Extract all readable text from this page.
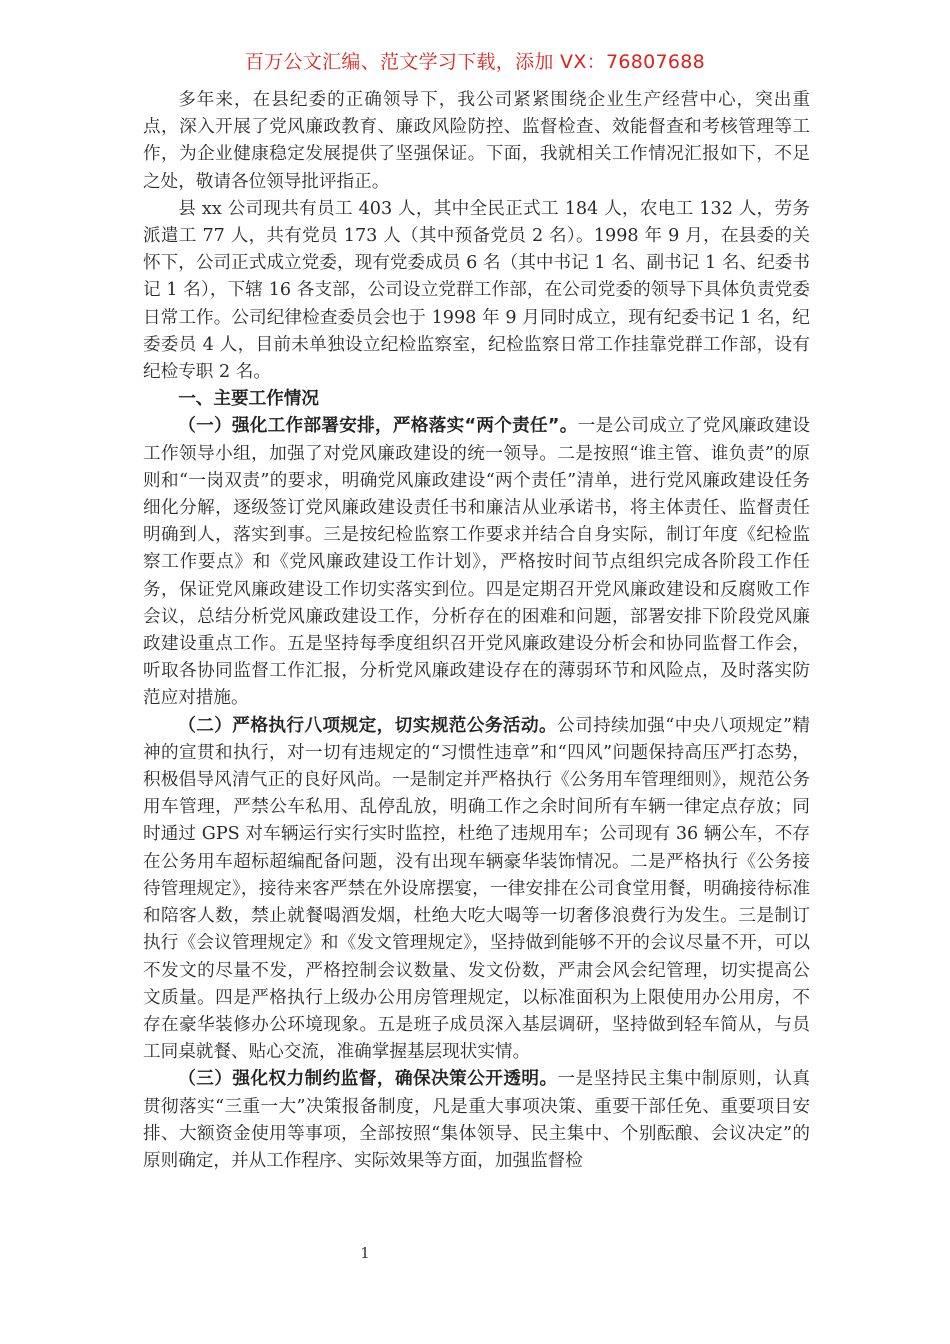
百万公文汇编、范文学习下载，添加 VX：76807688

多年来，在县纪委的正确领导下，我公司紧紧围绕企业生产经营中心，突出重点，深入开展了党风廉政教育、廉政风险防控、监督检查、效能督查和考核管理等工作，为企业健康稳定发展提供了坚强保证。下面，我就相关工作情况汇报如下，不足之处，敬请各位领导批评指正。

县 xx 公司现共有员工 403 人，其中全民正式工 184 人，农电工 132 人，劳务派遣工 77 人，共有党员 173 人（其中预备党员 2 名）。1998 年 9 月，在县委的关怀下，公司正式成立党委，现有党委成员 6 名（其中书记 1 名、副书记 1 名、纪委书记 1 名），下辖 16 各支部，公司设立党群工作部，在公司党委的领导下具体负责党委日常工作。公司纪律检查委员会也于 1998 年 9 月同时成立，现有纪委书记 1 名，纪委委员 4 人，目前未单独设立纪检监察室，纪检监察日常工作挂靠党群工作部，设有纪检专职 2 名。

一、主要工作情况

（一）强化工作部署安排，严格落实“两个责任”。一是公司成立了党风廉政建设工作领导小组，加强了对党风廉政建设的统一领导。二是按照“谁主管、谁负责”的原则和“一岗双责”的要求，明确党风廉政建设“两个责任”清单，进行党风廉政建设任务细化分解，逐级签订党风廉政建设责任书和廉洁从业承诺书，将主体责任、监督责任明确到人，落实到事。三是按纪检监察工作要求并结合自身实际，制订年度《纪检监察工作要点》和《党风廉政建设工作计划》，严格按时间节点组织完成各阶段工作任务，保证党风廉政建设工作切实落实到位。四是定期召开党风廉政建设和反腐败工作会议，总结分析党风廉政建设工作，分析存在的困难和问题，部署安排下阶段党风廉政建设重点工作。五是坚持每季度组织召开党风廉政建设分析会和协同监督工作会，听取各协同监督工作汇报，分析党风廉政建设存在的薄弱环节和风险点，及时落实防范应对措施。

（二）严格执行八项规定，切实规范公务活动。公司持续加强“中央八项规定”精神的宣贯和执行，对一切有违规定的“习惯性违章”和“四风”问题保持高压严打态势，积极倡导风清气正的良好风尚。一是制定并严格执行《公务用车管理细则》，规范公务用车管理，严禁公车私用、乱停乱放，明确工作之余时间所有车辆一律定点存放；同时通过 GPS 对车辆运行实行实时监控，杜绝了违规用车；公司现有 36 辆公车，不存在公务用车超标超编配备问题，没有出现车辆豪华装饰情况。二是严格执行《公务接待管理规定》，接待来客严禁在外设席摆宴，一律安排在公司食堂用餐，明确接待标准和陪客人数，禁止就餐喝酒发烟，杜绝大吃大喝等一切奢侈浪费行为发生。三是制订执行《会议管理规定》和《发文管理规定》，坚持做到能够不开的会议尽量不开，可以不发文的尽量不发，严格控制会议数量、发文份数，严肃会风会纪管理，切实提高公文质量。四是严格执行上级办公用房管理规定，以标准面积为上限使用办公用房，不存在豪华装修办公环境现象。五是班子成员深入基层调研，坚持做到轻车简从，与员工同桌就餐、贴心交流，准确掌握基层现状实情。

（三）强化权力制约监督，确保决策公开透明。一是坚持民主集中制原则，认真贯彻落实“三重一大”决策报备制度，凡是重大事项决策、重要干部任免、重要项目安排、大额资金使用等事项，全部按照“集体领导、民主集中、个别酝酿、会议决定”的原则确定，并从工作程序、实际效果等方面，加强监督检

1
